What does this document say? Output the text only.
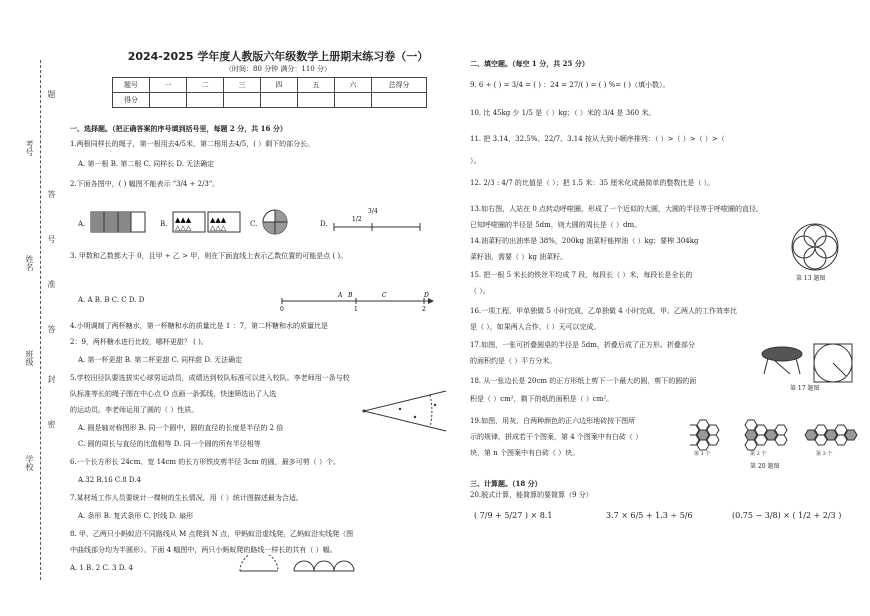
题
考号
答
号
姓名
准
答
班级
封
学校
密
2024-2025 学年度人教版六年级数学上册期末练习卷（一）
（时间：80 分钟 满分：110 分）
题号	一	二	三	四	五	六	总得分
得分							
一、选择题。（把正确答案的序号填到括号里，每题 2 分，共 16 分）
1.两根同样长的绳子，第一根用去4/5米，第二根用去4/5，( ）剩下的部分长。
A. 第一根 B. 第二根 C. 同样长 D. 无法确定
2.下面各图中，( ) 幅图不能表示 "3/4 ÷ 2/3"。
A.	B. ▲▲▲	▲▲▲
△△△	△△△	C.	D.
3/4
1/2
3. 甲数和乙数都大于 0，且甲 ÷ 乙 > 甲，则在下面直线上表示乙数位置的可能是点 ( )。
A. A B. B C. C D. D
0
A B
1
C	D
2
4.小明调制了两杯糖水，第一杯糖和水的质量比是 1 ：7，第二杯糖和水的质量比是
2：9，两杯糖水进行比较，哪杯更甜？ ( )。
A. 第一杯更甜 B. 第二杯更甜 C. 同样甜 D. 无法确定
5.学校田径队要选拔实心球男运动员，成绩达到校队标准可以进入校队。李老师用一条与校
队标准等长的绳子围在中心点 O 点画一条弧线，快速筛选出了入选
的运动员。李老师运用了圆的（ ）性质。
A. 圆是轴对称图形 B. 同一个圆中，圆的直径的长度是半径的 2 倍
C. 圆的周长与直径的比值相等 D. 同一个圆的所有半径相等
6.一个长方形长 24cm、宽 14cm 的长方形铁皮剪半径 3cm 的圆，最多可剪（ ）个。
A.32 B.16 C.8 D.4
7.某材场工作人员要统计一棵树的生长情况，用（ ）统计图描述最为合适。
A. 条形 B. 复式条形 C. 折线 D. 扇形
8. 甲、乙两只小蚂蚁沿不同路线从 M 点爬到 N 点，甲蚂蚁沿虚线爬，乙蚂蚁沿实线爬（图
中曲线部分均为半圆形）。下面 4 幅图中，两只小蚂蚁爬的路线一样长的共有（ ）幅。
A. 1 B. 2 C. 3 D. 4
二、填空题。（每空 1 分，共 25 分）
9. 6 ÷ ( ) = 3/4 = ( ) ：24 = 27/( ) = ( ) %= ( )（填小数）。
10. 比 45kg 少 1/5 是（ ）kg；（ ）米的 3/4 是 360 米。
11. 把 3.14、32.5%、22/7、3.14 按从大到小顺序排列：（ ）>（ ）>（ ）>（
）。
12. 2/3 : 4/7 的比值是（ ）；把 1.5 米：35 厘米化成最简单的整数比是（ ）。
13.如右图，人站在 0 点转动呼啦圈，形成了一个近似的大圆，大圆的半径等于呼啦圈的直径。
已知呼啦圈的半径是 5dm，则大圆的周长是（ ）dm。
14.油菜籽的出油率是 38%，200kg 油菜籽能榨油（ ）kg；要榨 304kg
菜籽油，需要（ ）kg 油菜籽。
15. 把一根 5 米长的铁丝平均成 7 段，每段长（ ）米，每段长是全长的
（ ）。
16.一项工程，甲单独做 5 小时完成，乙单独做 4 小时完成，甲、乙两人的工作效率比
是（ ），如果两人合作，（ ）天可以完成。
17.如图，一张可折叠圆桌的半径是 5dm，折叠后成了正方形。折叠部分
的面积约是（ ）平方分米。
18. 从一张边长是 20cm 的正方形纸上剪下一个最大的圆，剪下的圆的面
积是（ ）cm²，剩下的纸的面积是（ ）cm²。
19.如图，用灰、白两种颜色的正六边形地砖按下图所
示的规律，拼成若干个图案，第 4 个图案中有白砖（ ）
块，第 n 个图案中有白砖（ ）块。
第 13 题图
第 17 题图
第 1 个	第 2 个	第 3 个
第 20 题图
三、计算题。（18 分）
20.脱式计算，能简算的要简算（9 分）
( 7/9 + 5/27 ) × 8.1	3.7 × 6/5 + 1.3 ÷ 5/6	(0.75 − 3/8) × ( 1/2 + 2/3 )
